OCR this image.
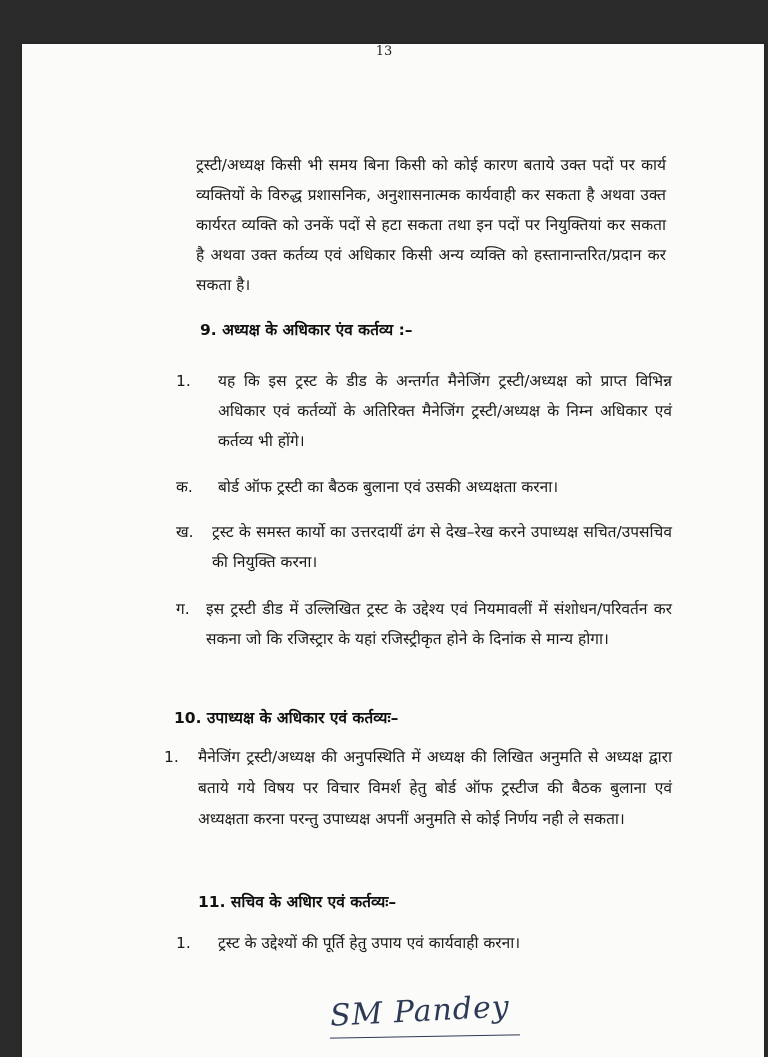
13
ट्रस्टी/अध्यक्ष किसी भी समय बिना किसी को कोई कारण बताये उक्त पदों पर कार्य व्यक्तियों के विरुद्ध प्रशासनिक, अनुशासनात्मक कार्यवाही कर सकता है अथवा उक्त कार्यरत व्यक्ति को उनकें पदों से हटा सकता तथा इन पदों पर नियुक्तियां कर सकता है अथवा उक्त कर्तव्य एवं अधिकार किसी अन्य व्यक्ति को हस्तानान्तरित/प्रदान कर सकता है।
9. अध्यक्ष के अधिकार एंव कर्तव्य :–
1. यह कि इस ट्रस्ट के डीड के अन्तर्गत मैनेजिंग ट्रस्टी/अध्यक्ष को प्राप्त विभिन्न अधिकार एवं कर्तव्यों के अतिरिक्त मैनेजिंग ट्रस्टी/अध्यक्ष के निम्न अधिकार एवं कर्तव्य भी होंगे।
क. बोर्ड ऑफ ट्रस्टी का बैठक बुलाना एवं उसकी अध्यक्षता करना।
ख. ट्रस्ट के समस्त कार्यो का उत्तरदायीं ढंग से देख–रेख करने उपाध्यक्ष सचित/उपसचिव की नियुक्ति करना।
ग. इस ट्रस्टी डीड में उल्लिखित ट्रस्ट के उद्देश्य एवं नियमावलीं में संशोधन/परिवर्तन कर सकना जो कि रजिस्ट्रार के यहां रजिस्ट्रीकृत होने के दिनांक से मान्य होगा।
10. उपाध्यक्ष के अधिकार एवं कर्तव्यः–
1. मैनेजिंग ट्रस्टी/अध्यक्ष की अनुपस्थिति में अध्यक्ष की लिखित अनुमति से अध्यक्ष द्वारा बताये गये विषय पर विचार विमर्श हेतु बोर्ड ऑफ ट्रस्टीज की बैठक बुलाना एवं अध्यक्षता करना परन्तु उपाध्यक्ष अपनीं अनुमति से कोई निर्णय नही ले सकता।
11. सचिव के अधिार एवं कर्तव्यः–
1. ट्रस्ट के उद्देश्यों की पूर्ति हेतु उपाय एवं कार्यवाही करना।
SM Pandey
